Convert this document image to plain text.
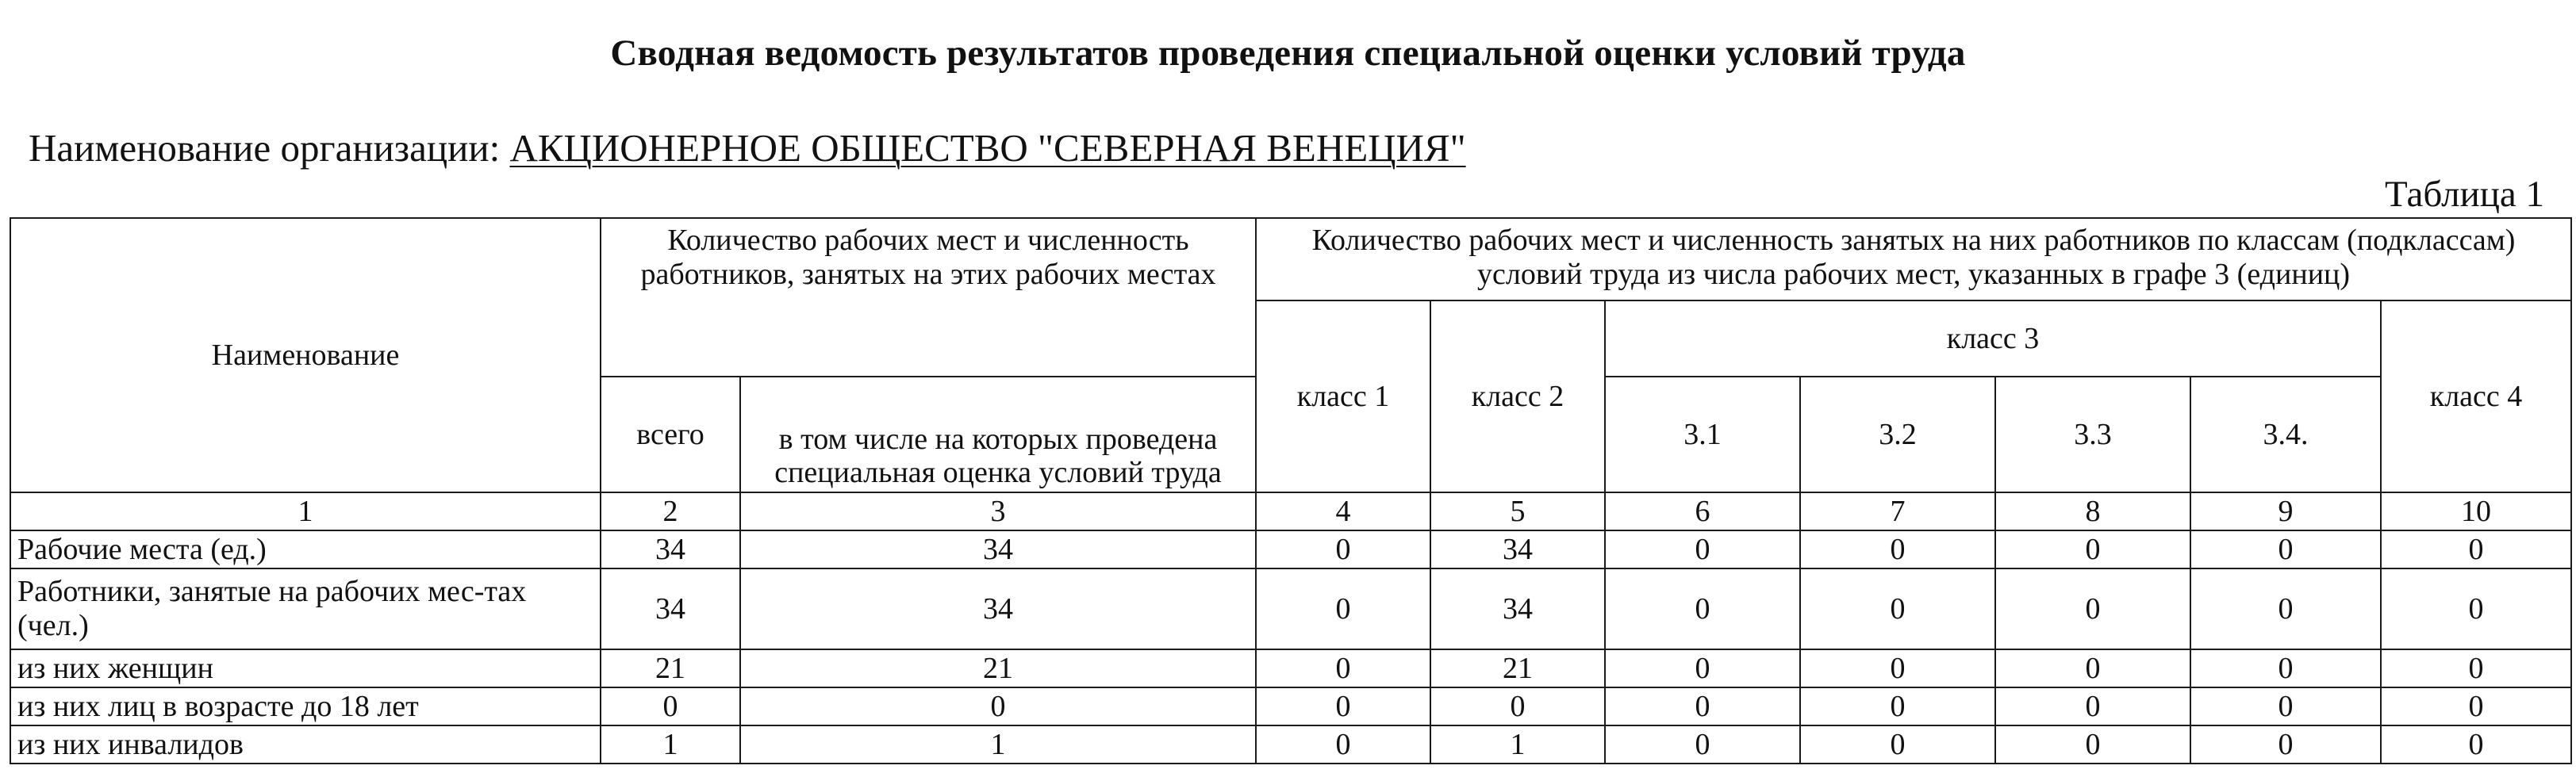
Сводная ведомость результатов проведения специальной оценки условий труда
Наименование организации: АКЦИОНЕРНОЕ ОБЩЕСТВО "СЕВЕРНАЯ ВЕНЕЦИЯ"
Таблица 1
Наименование	Количество рабочих мест и численность работников, занятых на этих рабочих местах		Количество рабочих мест и численность занятых на них работников по классам (подклассам) условий труда из числа рабочих мест, указанных в графе 3 (единиц)						
			класс 1	класс 2	класс 3				класс 4
	всего	в том числе на которых проведена специальная оценка условий труда			3.1	3.2	3.3	3.4.	
1	2	3	4	5	6	7	8	9	10
Рабочие места (ед.)	34	34	0	34	0	0	0	0	0
Работники, занятые на рабочих мес-тах (чел.)	34	34	0	34	0	0	0	0	0
из них женщин	21	21	0	21	0	0	0	0	0
из них лиц в возрасте до 18 лет	0	0	0	0	0	0	0	0	0
из них инвалидов	1	1	0	1	0	0	0	0	0
